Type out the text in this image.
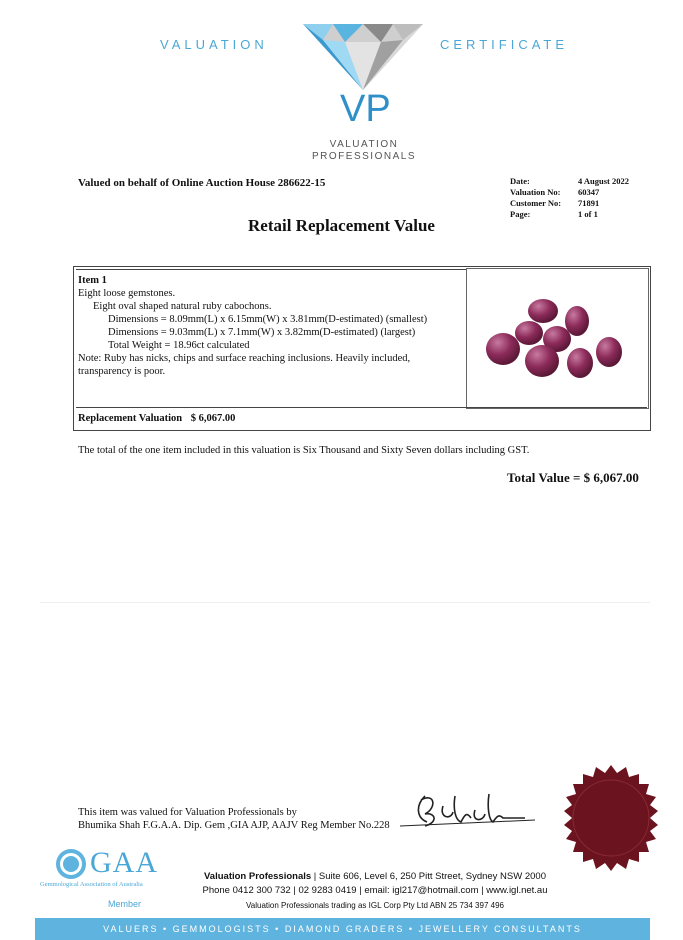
VALUATION	CERTIFICATE
VP
VALUATION
PROFESSIONALS
Valued on behalf of Online Auction House 286622-15	Date:
Valuation No:
Customer No:
Page:
4 August 2022
60347
71891
1 of 1
Retail Replacement Value
Item 1
Eight loose gemstones.
Eight oval shaped natural ruby cabochons.
Dimensions = 8.09mm(L) x 6.15mm(W) x 3.81mm(D-estimated) (smallest)
Dimensions = 9.03mm(L) x 7.1mm(W) x 3.82mm(D-estimated) (largest)
Total Weight = 18.96ct calculated
Note: Ruby has nicks, chips and surface reaching inclusions. Heavily included,
transparency is poor.
Replacement Valuation $ 6,067.00
The total of the one item included in this valuation is Six Thousand and Sixty Seven dollars including GST.
Total Value = $ 6,067.00
This item was valued for Valuation Professionals by
Bhumika Shah F.G.A.A. Dip. Gem ,GIA AJP, AAJV Reg Member No.228
GAA
Gemmological Association of Australia
Member
Valuation Professionals | Suite 606, Level 6, 250 Pitt Street, Sydney NSW 2000
Phone 0412 300 732 | 02 9283 0419 | email: igl217@hotmail.com | www.igl.net.au
Valuation Professionals trading as IGL Corp Pty Ltd ABN 25 734 397 496
VALUERS • GEMMOLOGISTS • DIAMOND GRADERS • JEWELLERY CONSULTANTS
